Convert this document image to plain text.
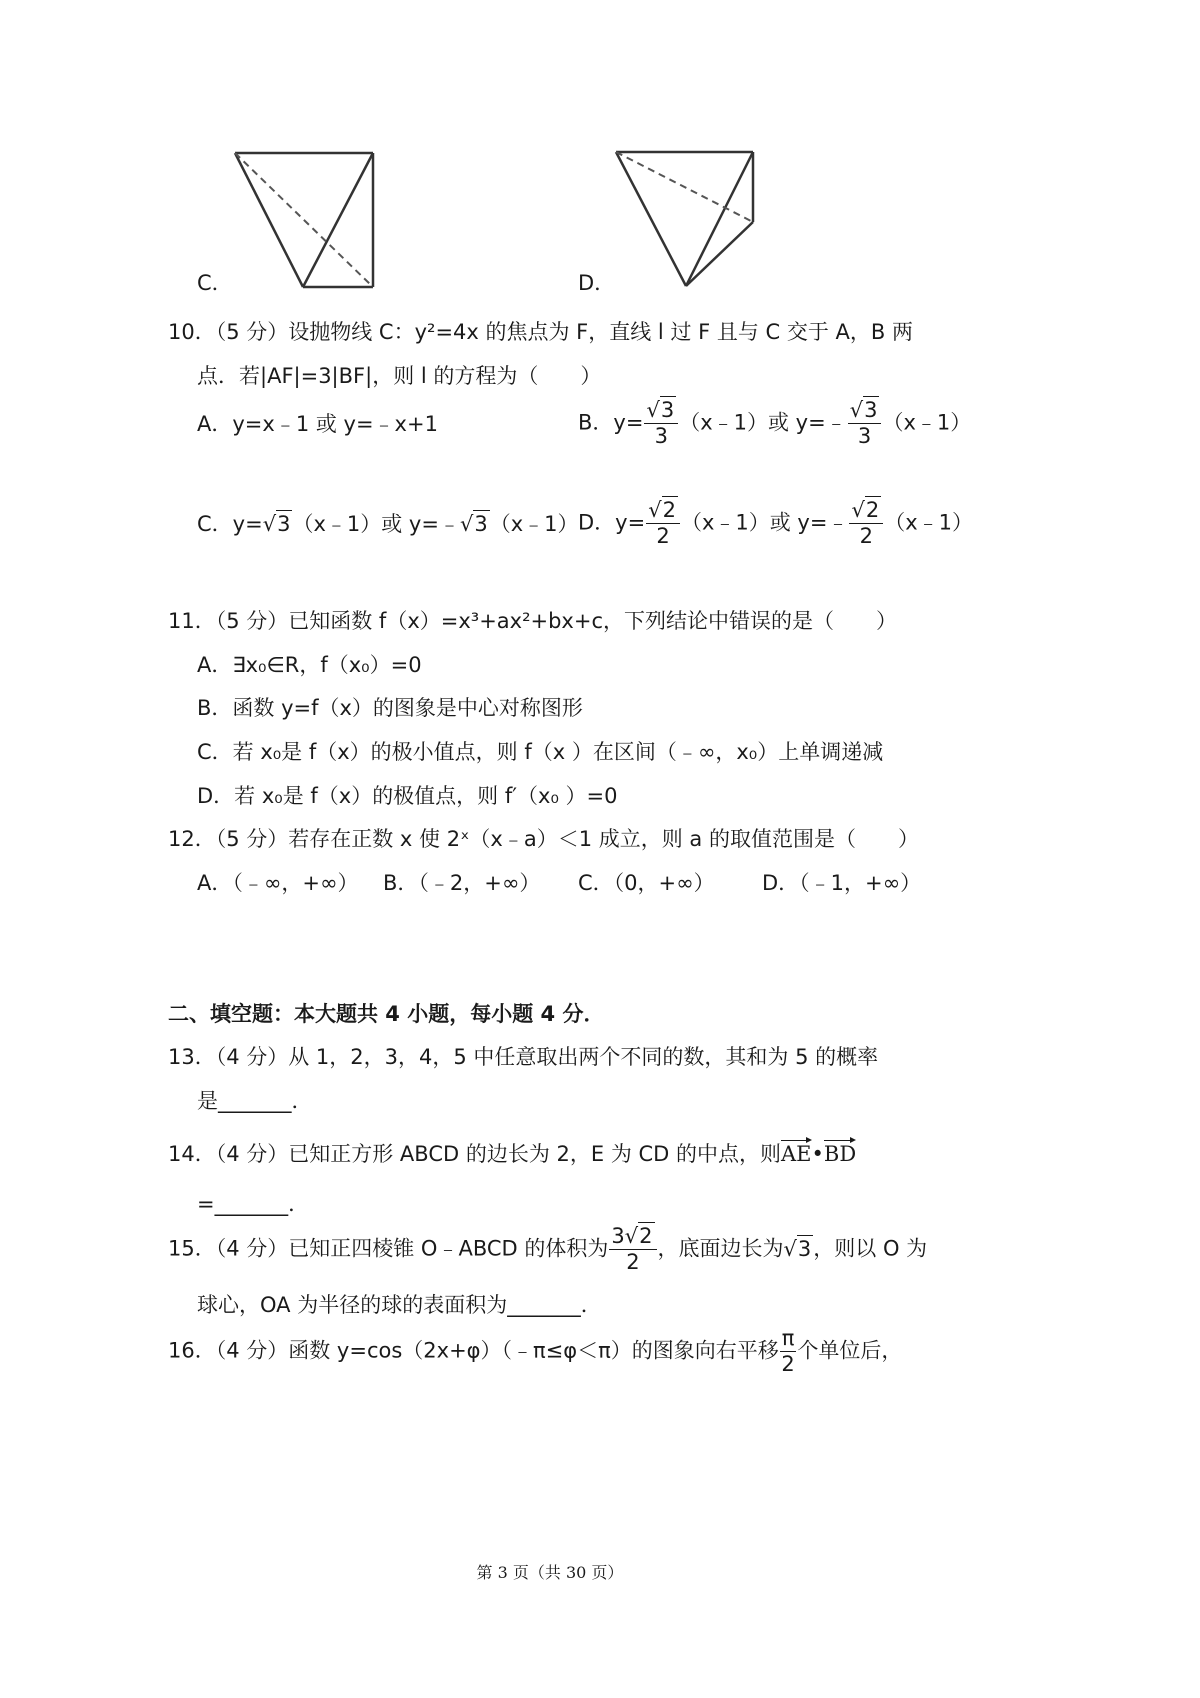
C．	D．
10．（5 分）设抛物线 C：y²=4x 的焦点为 F，直线 l 过 F 且与 C 交于 A，B 两
点．若|AF|=3|BF|，则 l 的方程为（　　）
A．y=x﹣1 或 y=﹣x+1	B．$y= \frac{√3}{3}$ （x﹣1）或 y=﹣ $\frac{√3}{3}$ （x﹣1）
C．y=√3（x﹣1）或 y=﹣√3（x﹣1） D．$y= \frac{√2}{2}$ （x﹣1）或 y=﹣ $\frac{√2}{2}$ （x﹣1）
11．（5 分）已知函数 f（x）=x³+ax²+bx+c，下列结论中错误的是（　　）
A．∃x₀∈R，f（x₀）=0
B．函数 y=f（x）的图象是中心对称图形
C．若 x₀是 f（x）的极小值点，则 f（x ）在区间（﹣∞，x₀）上单调递减
D．若 x₀是 f（x）的极值点，则 f′（x₀ ）=0
12．（5 分）若存在正数 x 使 2ˣ（x﹣a）＜1 成立，则 a 的取值范围是（　　）
A．（﹣∞，+∞） B．（﹣2，+∞） C．（0，+∞） D．（﹣1，+∞）
二、填空题：本大题共 4 小题，每小题 4 分．
13．（4 分）从 1，2，3，4，5 中任意取出两个不同的数，其和为 5 的概率
是_______．
14．（4 分）已知正方形 ABCD 的边长为 2，E 为 CD 的中点，则AE•BD
=_______．
15．（4 分）已知正四棱锥 O﹣ABCD 的体积为 $\frac{3√2}{2}$ ，底面边长为√3，则以 O 为
球心，OA 为半径的球的表面积为_______．
16．（4 分）函数 y=cos（2x+φ）（﹣π≤φ＜π）的图象向右平移 $\frac{\pi}{2}$ 个单位后，
第 3 页（共 30 页）
